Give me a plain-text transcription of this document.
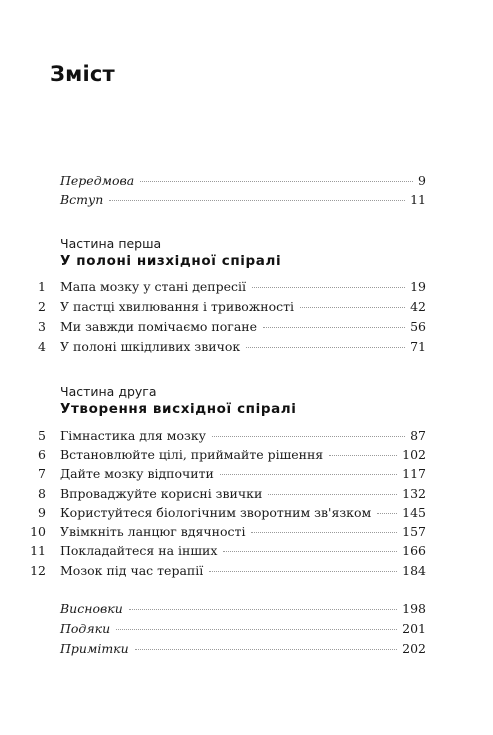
Зміст
Передмова	9
Вступ	11
Частина перша
У полоні низхідної спіралі
1 Мапа мозку у стані депресії	19
2 У пастці хвилювання і тривожності	42
3 Ми завжди помічаємо погане	56
4 У полоні шкідливих звичок	71
Частина друга
Утворення висхідної спіралі
5 Гімнастика для мозку	87
6 Встановлюйте цілі, приймайте рішення	102
7 Дайте мозку відпочити	117
8 Впроваджуйте корисні звички	132
9 Користуйтеся біологічним зворотним зв'язком 145
10 Увімкніть ланцюг вдячності	157
11 Покладайтеся на інших	166
12 Мозок під час терапії	184
Висновки	198
Подяки	201
Примітки	202
